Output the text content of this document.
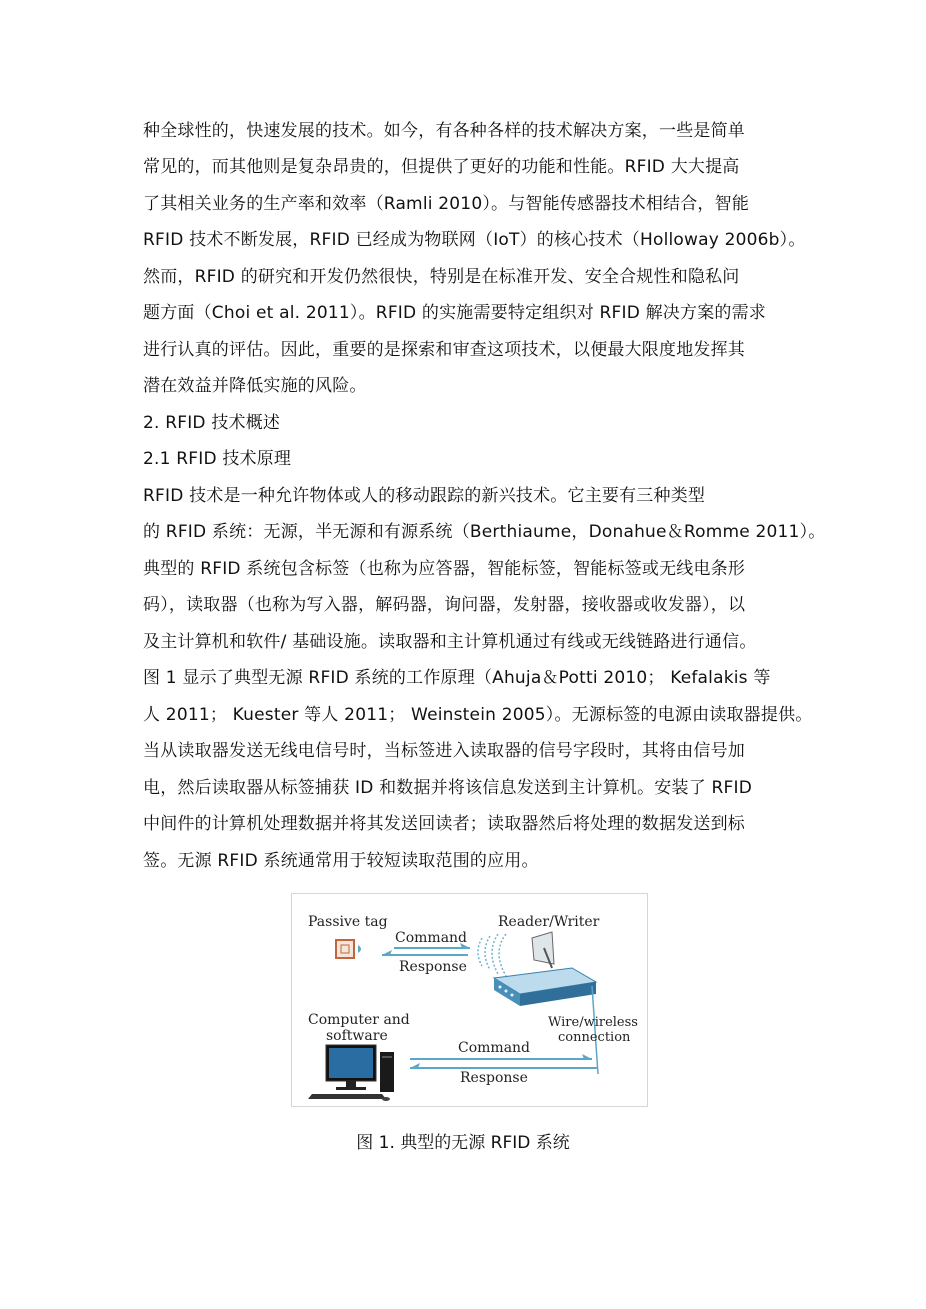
种全球性的，快速发展的技术。如今，有各种各样的技术解决方案，一些是简单
常见的，而其他则是复杂昂贵的，但提供了更好的功能和性能。RFID 大大提高
了其相关业务的生产率和效率（Ramli 2010）。与智能传感器技术相结合，智能
RFID 技术不断发展，RFID 已经成为物联网（IoT）的核心技术（Holloway 2006b）。
然而，RFID 的研究和开发仍然很快，特别是在标准开发、安全合规性和隐私问
题方面（Choi et al. 2011）。RFID 的实施需要特定组织对 RFID 解决方案的需求
进行认真的评估。因此，重要的是探索和审查这项技术，以便最大限度地发挥其
潜在效益并降低实施的风险。
2. RFID 技术概述
2.1 RFID 技术原理
RFID 技术是一种允许物体或人的移动跟踪的新兴技术。它主要有三种类型
的 RFID 系统：无源，半无源和有源系统（Berthiaume，Donahue＆Romme 2011）。
典型的 RFID 系统包含标签（也称为应答器，智能标签，智能标签或无线电条形
码），读取器（也称为写入器，解码器，询问器，发射器，接收器或收发器），以
及主计算机和软件/ 基础设施。读取器和主计算机通过有线或无线链路进行通信。
图 1 显示了典型无源 RFID 系统的工作原理（Ahuja＆Potti 2010； Kefalakis 等
人 2011； Kuester 等人 2011； Weinstein 2005）。无源标签的电源由读取器提供。
当从读取器发送无线电信号时，当标签进入读取器的信号字段时，其将由信号加
电，然后读取器从标签捕获 ID 和数据并将该信息发送到主计算机。安装了 RFID
中间件的计算机处理数据并将其发送回读者；读取器然后将处理的数据发送到标
签。无源 RFID 系统通常用于较短读取范围的应用。
Passive tag
Command
Response
Reader/Writer
Wire/wireless
connection
Computer and
software
Command
Response
图 1. 典型的无源 RFID 系统
